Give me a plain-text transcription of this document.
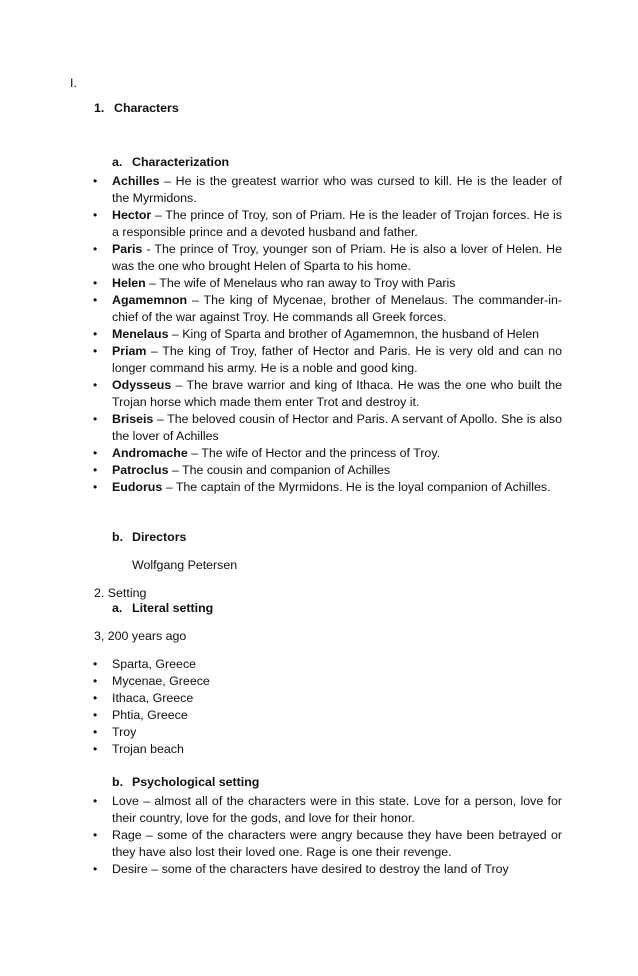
I.
1. Characters
a. Characterization
• Achilles – He is the greatest warrior who was cursed to kill. He is the leader of the Myrmidons.
• Hector – The prince of Troy, son of Priam. He is the leader of Trojan forces. He is a responsible prince and a devoted husband and father.
• Paris - The prince of Troy, younger son of Priam. He is also a lover of Helen. He was the one who brought Helen of Sparta to his home.
• Helen – The wife of Menelaus who ran away to Troy with Paris
• Agamemnon – The king of Mycenae, brother of Menelaus. The commander-in-chief of the war against Troy. He commands all Greek forces.
• Menelaus – King of Sparta and brother of Agamemnon, the husband of Helen
• Priam – The king of Troy, father of Hector and Paris. He is very old and can no longer command his army. He is a noble and good king.
• Odysseus – The brave warrior and king of Ithaca. He was the one who built the Trojan horse which made them enter Trot and destroy it.
• Briseis – The beloved cousin of Hector and Paris. A servant of Apollo. She is also the lover of Achilles
• Andromache – The wife of Hector and the princess of Troy.
• Patroclus – The cousin and companion of Achilles
• Eudorus – The captain of the Myrmidons. He is the loyal companion of Achilles.
b. Directors
Wolfgang Petersen
2. Setting
a. Literal setting
3, 200 years ago
• Sparta, Greece
• Mycenae, Greece
• Ithaca, Greece
• Phtia, Greece
• Troy
• Trojan beach
b. Psychological setting
• Love – almost all of the characters were in this state. Love for a person, love for their country, love for the gods, and love for their honor.
• Rage – some of the characters were angry because they have been betrayed or they have also lost their loved one. Rage is one their revenge.
• Desire – some of the characters have desired to destroy the land of Troy
